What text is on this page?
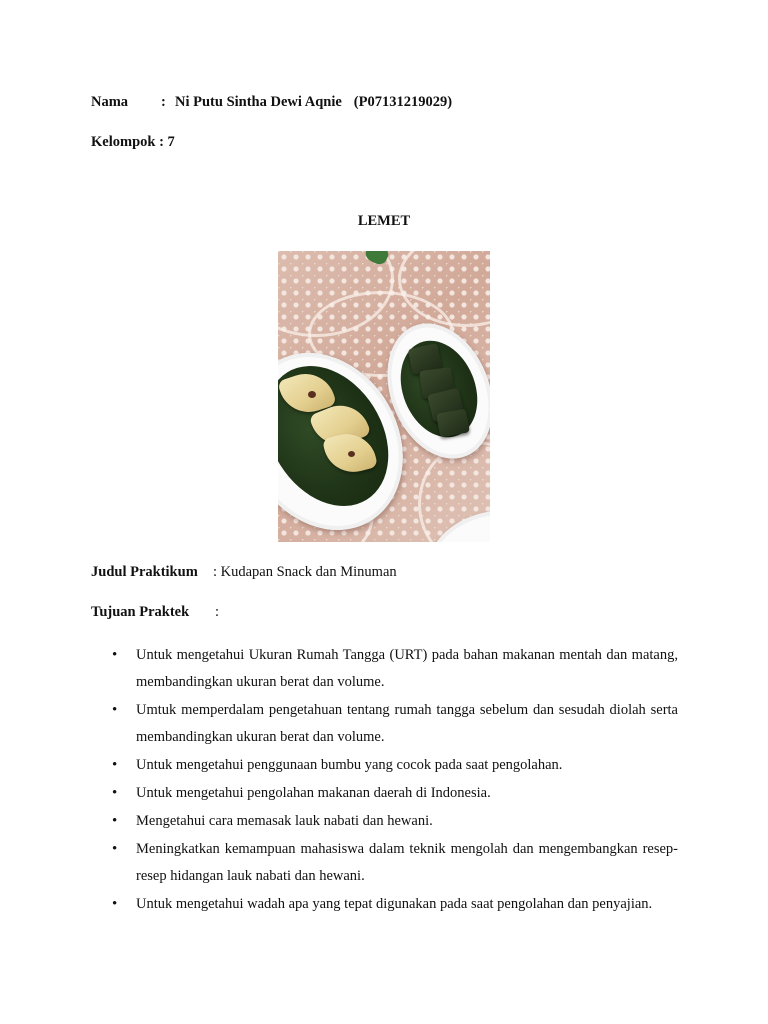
Nama : Ni Putu Sintha Dewi Aqnie (P07131219029)
Kelompok : 7
LEMET
Judul Praktikum : Kudapan Snack dan Minuman
Tujuan Praktek :
• Untuk mengetahui Ukuran Rumah Tangga (URT) pada bahan makanan mentah dan matang, membandingkan ukuran berat dan volume.
• Umtuk memperdalam pengetahuan tentang rumah tangga sebelum dan sesudah diolah serta membandingkan ukuran berat dan volume.
• Untuk mengetahui penggunaan bumbu yang cocok pada saat pengolahan.
• Untuk mengetahui pengolahan makanan daerah di Indonesia.
• Mengetahui cara memasak lauk nabati dan hewani.
• Meningkatkan kemampuan mahasiswa dalam teknik mengolah dan mengembangkan resep-resep hidangan lauk nabati dan hewani.
• Untuk mengetahui wadah apa yang tepat digunakan pada saat pengolahan dan penyajian.
